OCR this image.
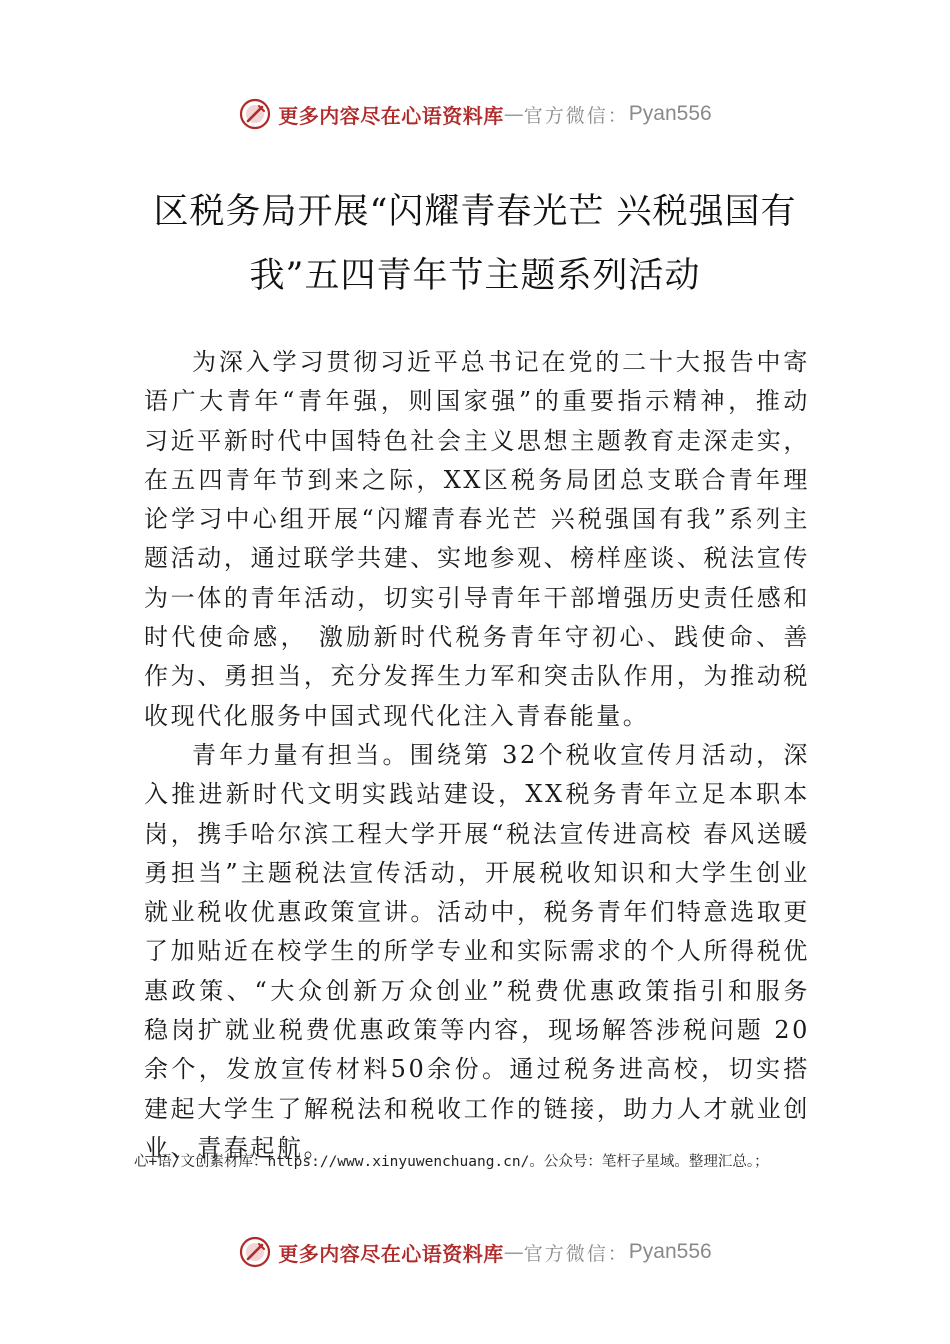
更多内容尽在心语资料库 — 官方微信： Pyan556
区税务局开展“闪耀青春光芒 兴税强国有
我”五四青年节主题系列活动

为深入学习贯彻习近平总书记在党的二十大报告中寄语广大青年“青年强，则国家强”的重要指示精神，推动习近平新时代中国特色社会主义思想主题教育走深走实，在五四青年节到来之际，XX区税务局团总支联合青年理论学习中心组开展“闪耀青春光芒 兴税强国有我”系列主题活动，通过联学共建、实地参观、榜样座谈、税法宣传为一体的青年活动，切实引导青年干部增强历史责任感和时代使命感， 激励新时代税务青年守初心、践使命、善作为、勇担当，充分发挥生力军和突击队作用，为推动税收现代化服务中国式现代化注入青春能量。

青年力量有担当。围绕第 32个税收宣传月活动，深入推进新时代文明实践站建设，XX税务青年立足本职本岗，携手哈尔滨工程大学开展“税法宣传进高校 春风送暖勇担当”主题税法宣传活动，开展税收知识和大学生创业就业税收优惠政策宣讲。活动中，税务青年们特意选取更了加贴近在校学生的所学专业和实际需求的个人所得税优惠政策、“大众创新万众创业”税费优惠政策指引和服务稳岗扩就业税费优惠政策等内容，现场解答涉税问题 20 余个，发放宣传材料50余份。通过税务进高校，切实搭建起大学生了解税法和税收工作的链接，助力人才就业创业、青春起航。

心+语/文创素材库：https://www.xinyuwenchuang.cn/。公众号：笔杆子星域。整理汇总。；
更多内容尽在心语资料库 — 官方微信： Pyan556
